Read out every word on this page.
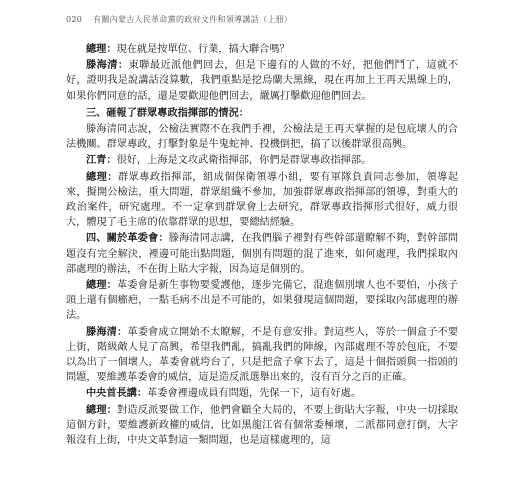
020 有關內蒙古人民革命黨的政府文件和領導講話（上冊）

總理：現在就是按單位、行業，搞大聯合嗎？

滕海清：東聯最近派他們回去，但是下邊有的人做的不好，把他們鬥了，這就不好，證明我是說講話沒算數，我們重點是挖烏蘭夫黑線，現在再加上王再天黑線上的，如果你們同意的話，還是要歡迎他們回去，嚴厲打擊歡迎他們回去。

三、砸報了群眾專政指揮部的情況：

滕海清同志說，公檢法實際不在我們手裡，公檢法是王再天掌握的是包庇壞人的合法機關。群眾專政，打擊對象是牛鬼蛇神、投機倒把，搞了以後群眾很高興。

江青：很好，上海是文攻武衛指揮部，你們是群眾專政指揮部。

總理：群眾專政指揮部，組成個保衛領導小組，要有軍隊負責同志參加，領導起來，擬開公檢法，重大問題，群眾組織不參加，加強群眾專政指揮部的領導，對重大的政治案件，研究處理。不一定拿到群眾會上去研究，群眾專政指揮形式很好，威力很大，體現了毛主席的依靠群眾的思想，要總結經驗。

四、關於革委會：滕海清同志講，在我們腦子裡對有些幹部還瞭解不夠，對幹部問題沒有完全解決，裡邊可能出點問題，個別有問題的混了進來，如何處理，我們採取內部處理的辦法，不在街上貼大字報，因為這是個別的。

總理：革委會是新生事物要愛護他，逐步完備它，混進個別壞人也不要怕，小孩子頭上還有個癤疤，一點毛病不出是不可能的，如果發現這個問題，要採取內部處理的辦法。

滕海清：革委會成立開始不太瞭解，不是有意安排。對這些人，等於一個盒子不要上街，階級敵人見了高興，希望我們亂，搞亂我們的陣線，內部處理不等於包庇，不要以為出了一個壞人，革委會就垮台了，只是把盒子拿下去了，這是十個指頭與一指頭的問題，要維護革委會的威信，這是造反派選舉出來的，沒有百分之百的正確。

中央首長講：革委會裡邊成員有問題，先保一下，這有好處。

總理：對造反派要做工作，他們會顧全大局的，不要上街貼大字報，中央一切採取這個方針，要維護新政權的威信，比如黑龍江省有個常委極壞，二派都同意打倒，大字報沒有上街，中央文革對這一類問題，也是這樣處理的，這
